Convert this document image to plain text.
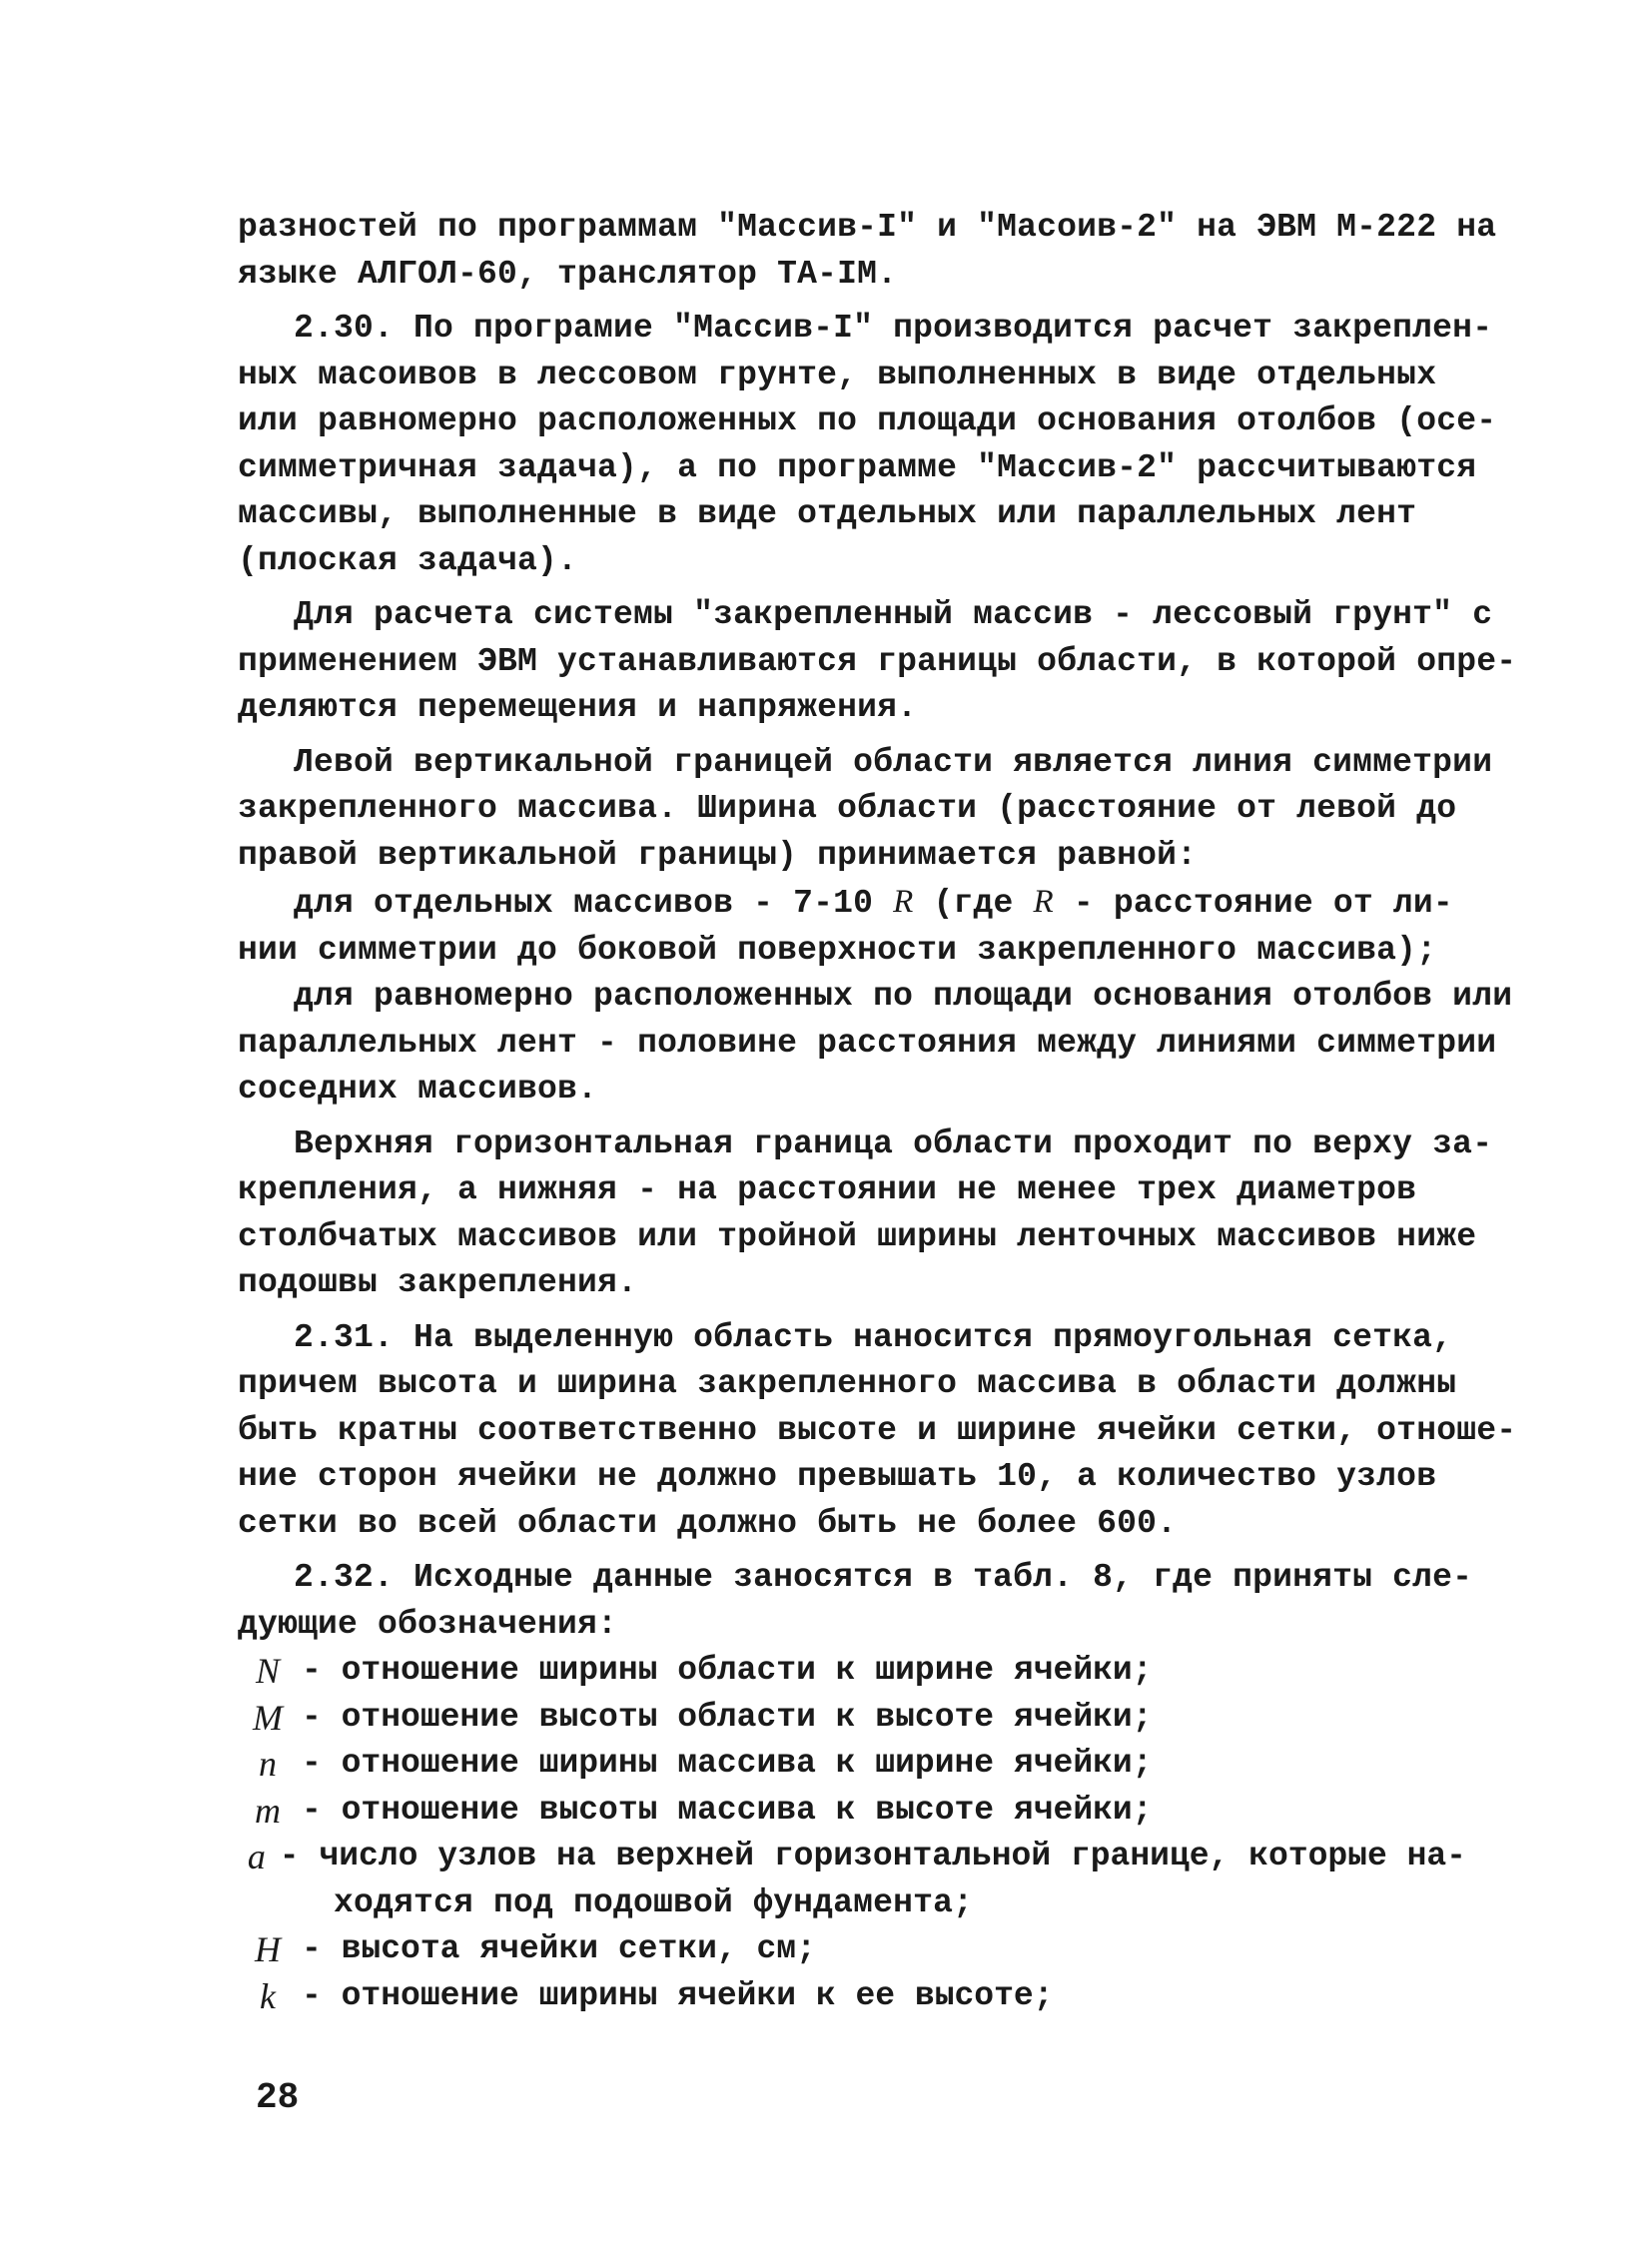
разностей по программам "Массив-I" и "Масоив-2" на ЭВМ М-222 на
языке АЛГОЛ-60, транслятор ТА-IМ.
2.30. По програмие "Массив-I" производится расчет закреплен-
ных масоивов в лессовом грунте, выполненных в виде отдельных
или равномерно расположенных по площади основания отолбов (осе-
симметричная задача), а по программе "Массив-2" рассчитываются
массивы, выполненные в виде отдельных или параллельных лент
(плоская задача).
Для расчета системы "закрепленный массив - лессовый грунт" с
применением ЭВМ устанавливаются границы области, в которой опре-
деляются перемещения и напряжения.
Левой вертикальной границей области является линия симметрии
закрепленного массива. Ширина области (расстояние от левой до
правой вертикальной границы) принимается равной:
для отдельных массивов - 7-10 R (где R - расстояние от ли-
нии симметрии до боковой поверхности закрепленного массива);
для равномерно расположенных по площади основания отолбов или
параллельных лент - половине расстояния между линиями симметрии
соседних массивов.
Верхняя горизонтальная граница области проходит по верху за-
крепления, а нижняя - на расстоянии не менее трех диаметров
столбчатых массивов или тройной ширины ленточных массивов ниже
подошвы закрепления.
2.31. На выделенную область наносится прямоугольная сетка,
причем высота и ширина закрепленного массива в области должны
быть кратны соответственно высоте и ширине ячейки сетки, отноше-
ние сторон ячейки не должно превышать 10, а количество узлов
сетки во всей области должно быть не более 600.
2.32. Исходные данные заносятся в табл. 8, где приняты сле-
дующие обозначения:
N - отношение ширины области к ширине ячейки;
M - отношение высоты области к высоте ячейки;
n - отношение ширины массива к ширине ячейки;
m - отношение высоты массива к высоте ячейки;
a - число узлов на верхней горизонтальной границе, которые на-
ходятся под подошвой фундамента;
H - высота ячейки сетки, см;
k - отношение ширины ячейки к ее высоте;
28
